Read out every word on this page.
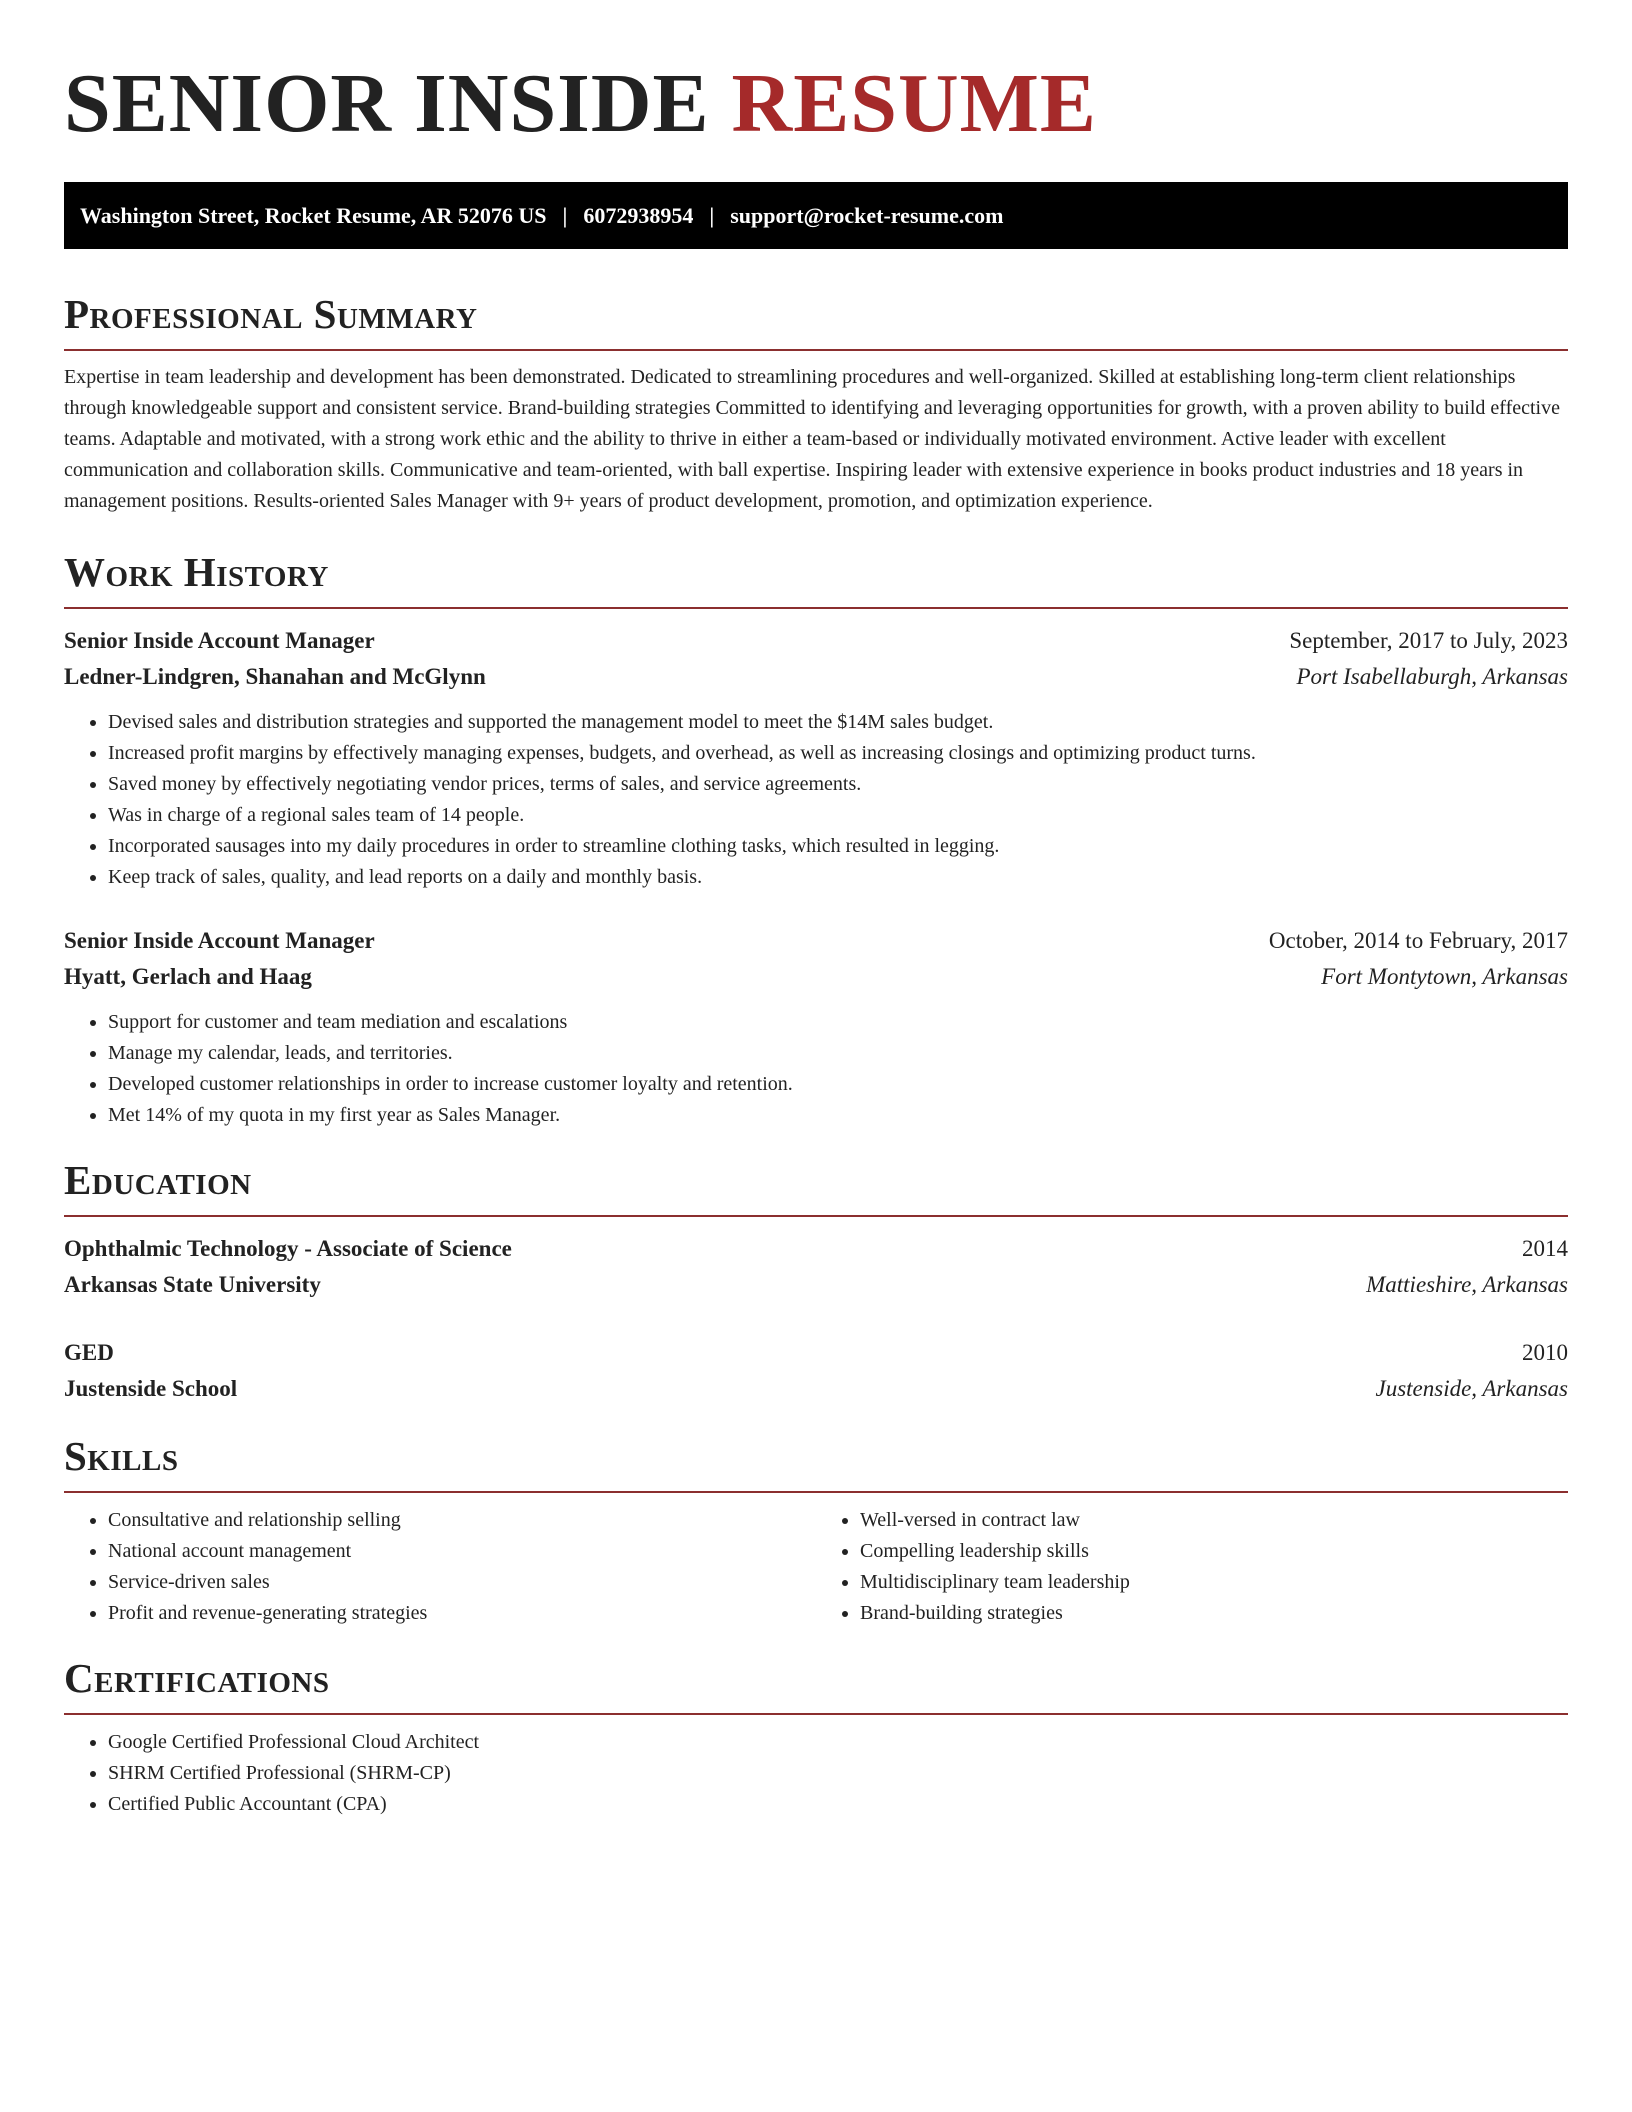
SENIOR INSIDE RESUME
Washington Street, Rocket Resume, AR 52076 US | 6072938954 | support@rocket-resume.com
Professional Summary

Expertise in team leadership and development has been demonstrated. Dedicated to streamlining procedures and well-organized. Skilled at establishing long-term client relationships through knowledgeable support and consistent service. Brand-building strategies Committed to identifying and leveraging opportunities for growth, with a proven ability to build effective teams. Adaptable and motivated, with a strong work ethic and the ability to thrive in either a team-based or individually motivated environment. Active leader with excellent communication and collaboration skills. Communicative and team-oriented, with ball expertise. Inspiring leader with extensive experience in books product industries and 18 years in management positions. Results-oriented Sales Manager with 9+ years of product development, promotion, and optimization experience.

Work History
Senior Inside Account Manager	September, 2017 to July, 2023
Ledner-Lindgren, Shanahan and McGlynn	Port Isabellaburgh, Arkansas
• Devised sales and distribution strategies and supported the management model to meet the $14M sales budget.
• Increased profit margins by effectively managing expenses, budgets, and overhead, as well as increasing closings and optimizing product turns.
• Saved money by effectively negotiating vendor prices, terms of sales, and service agreements.
• Was in charge of a regional sales team of 14 people.
• Incorporated sausages into my daily procedures in order to streamline clothing tasks, which resulted in legging.
• Keep track of sales, quality, and lead reports on a daily and monthly basis.
Senior Inside Account Manager	October, 2014 to February, 2017
Hyatt, Gerlach and Haag	Fort Montytown, Arkansas
• Support for customer and team mediation and escalations
• Manage my calendar, leads, and territories.
• Developed customer relationships in order to increase customer loyalty and retention.
• Met 14% of my quota in my first year as Sales Manager.
Education
Ophthalmic Technology - Associate of Science	2014
Arkansas State University	Mattieshire, Arkansas
GED	2010
Justenside School	Justenside, Arkansas
Skills
• Consultative and relationship selling
• National account management
• Service-driven sales
• Profit and revenue-generating strategies
• Well-versed in contract law
• Compelling leadership skills
• Multidisciplinary team leadership
• Brand-building strategies
Certifications
• Google Certified Professional Cloud Architect
• SHRM Certified Professional (SHRM-CP)
• Certified Public Accountant (CPA)
